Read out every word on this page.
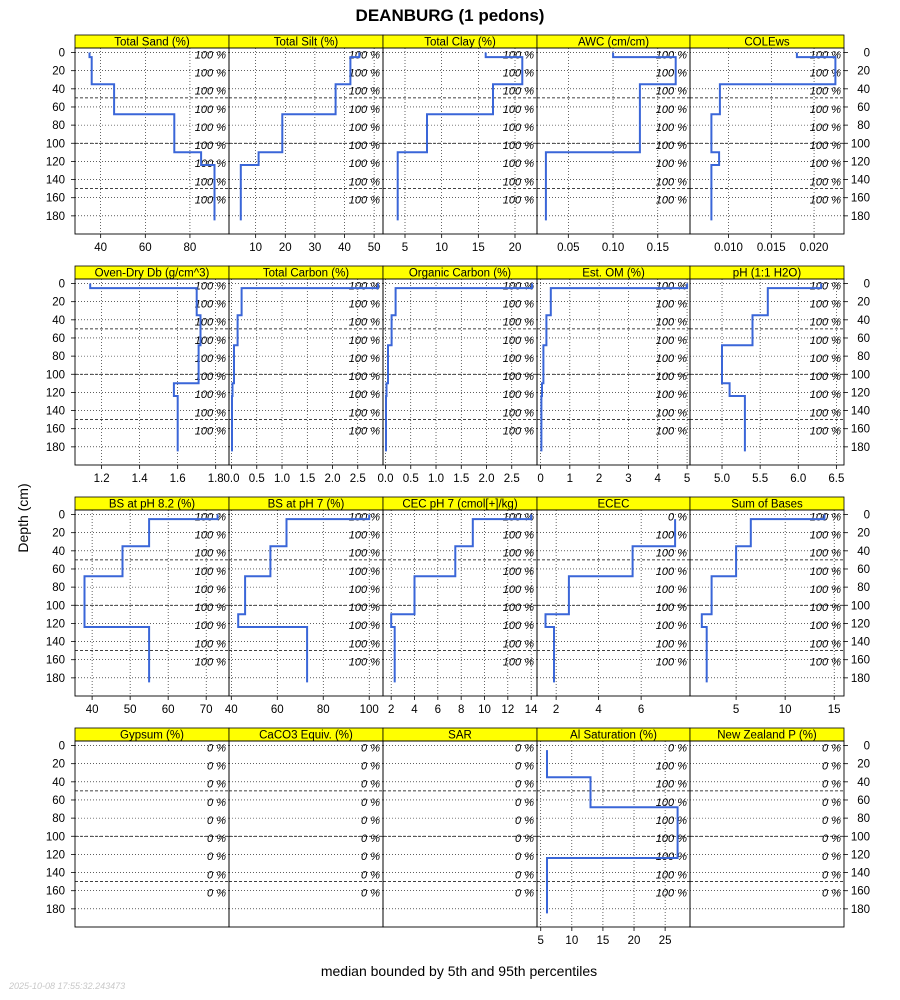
DEANBURG (1 pedons)
Depth (cm)
median bounded by 5th and 95th percentiles
2025-10-08 17:55:32.243473
Total Sand (%)
40	60	80
100 %
100 %
100 %
100 %
100 %
100 %
100 %
100 %
100 %
Total Silt (%)
10 20 30 40 50
100 %
100 %
100 %
100 %
100 %
100 %
100 %
100 %
100 %
Total Clay (%)
5 10 15 20
100 %
100 %
100 %
100 %
100 %
100 %
100 %
100 %
100 %
AWC (cm/cm)
0.05 0.10 0.15
100 %
100 %
100 %
100 %
100 %
100 %
100 %
100 %
100 %
COLEws
0.010 0.015 0.020
100 %
100 %
100 %
100 %
100 %
100 %
100 %
100 %
100 %
Oven-Dry Db (g/cm^3)
1.2 1.4 1.6 1.8
100 %
100 %
100 %
100 %
100 %
100 %
100 %
100 %
100 %
Total Carbon (%)
0.0 0.5 1.0 1.5 2.0 2.5
100 %
100 %
100 %
100 %
100 %
100 %
100 %
100 %
100 %
Organic Carbon (%)
0.0 0.5 1.0 1.5 2.0 2.5
100 %
100 %
100 %
100 %
100 %
100 %
100 %
100 %
100 %
Est. OM (%)
0 1 2 3 4 5
100 %
100 %
100 %
100 %
100 %
100 %
100 %
100 %
100 %
pH (1:1 H2O)
5.0 5.5 6.0 6.5
100 %
100 %
100 %
100 %
100 %
100 %
100 %
100 %
100 %
BS at pH 8.2 (%)
40 50 60 70
100 %
100 %
100 %
100 %
100 %
100 %
100 %
100 %
100 %
BS at pH 7 (%)
40	60	80	100
100 %
100 %
100 %
100 %
100 %
100 %
100 %
100 %
100 %
CEC pH 7 (cmol[+]/kg)
2 4 6 8 10 12 14
100 %
100 %
100 %
100 %
100 %
100 %
100 %
100 %
100 %
ECEC
2	4	6
0 %
100 %
100 %
100 %
100 %
100 %
100 %
100 %
100 %
Sum of Bases
5	10	15
100 %
100 %
100 %
100 %
100 %
100 %
100 %
100 %
100 %
Gypsum (%)
0 %
0 %
0 %
0 %
0 %
0 %
0 %
0 %
0 %
CaCO3 Equiv. (%)
0 %
0 %
0 %
0 %
0 %
0 %
0 %
0 %
0 %
SAR
0 %
0 %
0 %
0 %
0 %
0 %
0 %
0 %
0 %
Al Saturation (%)
5 10 15 20 25
0 %
100 %
100 %
100 %
100 %
100 %
100 %
100 %
100 %
New Zealand P (%)
0 %
0 %
0 %
0 %
0 %
0 %
0 %
0 %
0 %
0	0
20	20
40	40
60	60
80	80
100	100
120	120
140	140
160	160
180	180
0	0
20	20
40	40
60	60
80	80
100	100
120	120
140	140
160	160
180	180
0	0
20	20
40	40
60	60
80	80
100	100
120	120
140	140
160	160
180	180
0	0
20	20
40	40
60	60
80	80
100	100
120	120
140	140
160	160
180	180
